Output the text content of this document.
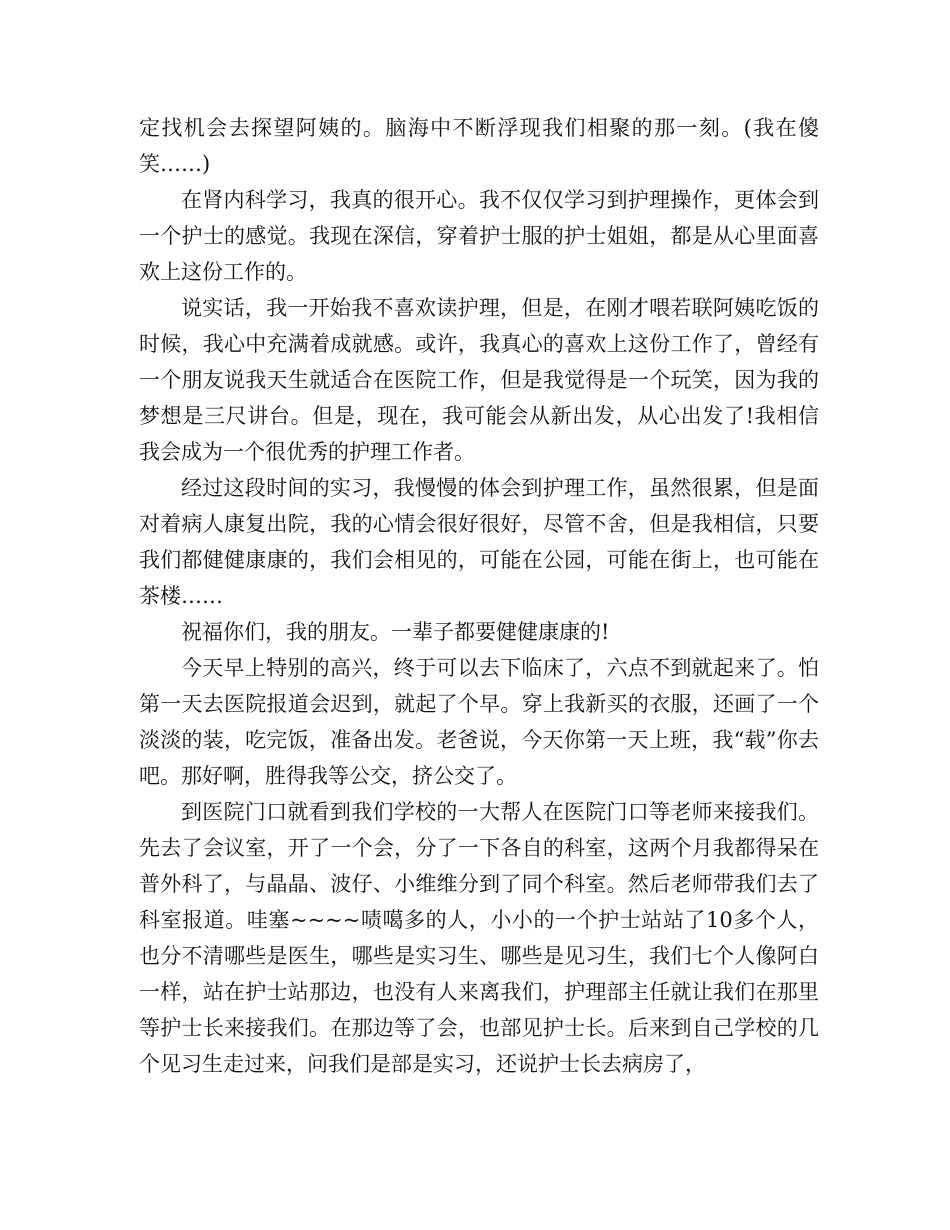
定找机会去探望阿姨的。脑海中不断浮现我们相聚的那一刻。(我在傻笑……)

在肾内科学习，我真的很开心。我不仅仅学习到护理操作，更体会到一个护士的感觉。我现在深信，穿着护士服的护士姐姐，都是从心里面喜欢上这份工作的。

说实话，我一开始我不喜欢读护理，但是，在刚才喂若联阿姨吃饭的时候，我心中充满着成就感。或许，我真心的喜欢上这份工作了，曾经有一个朋友说我天生就适合在医院工作，但是我觉得是一个玩笑，因为我的梦想是三尺讲台。但是，现在，我可能会从新出发，从心出发了!我相信我会成为一个很优秀的护理工作者。

经过这段时间的实习，我慢慢的体会到护理工作，虽然很累，但是面对着病人康复出院，我的心情会很好很好，尽管不舍，但是我相信，只要我们都健健康康的，我们会相见的，可能在公园，可能在街上，也可能在茶楼……

祝福你们，我的朋友。一辈子都要健健康康的!

今天早上特别的高兴，终于可以去下临床了，六点不到就起来了。怕第一天去医院报道会迟到，就起了个早。穿上我新买的衣服，还画了一个淡淡的装，吃完饭，准备出发。老爸说，今天你第一天上班，我“载”你去吧。那好啊，胜得我等公交，挤公交了。

到医院门口就看到我们学校的一大帮人在医院门口等老师来接我们。先去了会议室，开了一个会，分了一下各自的科室，这两个月我都得呆在普外科了，与晶晶、波仔、小维维分到了同个科室。然后老师带我们去了科室报道。哇塞~~~~啧噶多的人，小小的一个护士站站了10多个人，也分不清哪些是医生，哪些是实习生、哪些是见习生，我们七个人像阿白一样，站在护士站那边，也没有人来离我们，护理部主任就让我们在那里等护士长来接我们。在那边等了会，也部见护士长。后来到自己学校的几个见习生走过来，问我们是部是实习，还说护士长去病房了，
